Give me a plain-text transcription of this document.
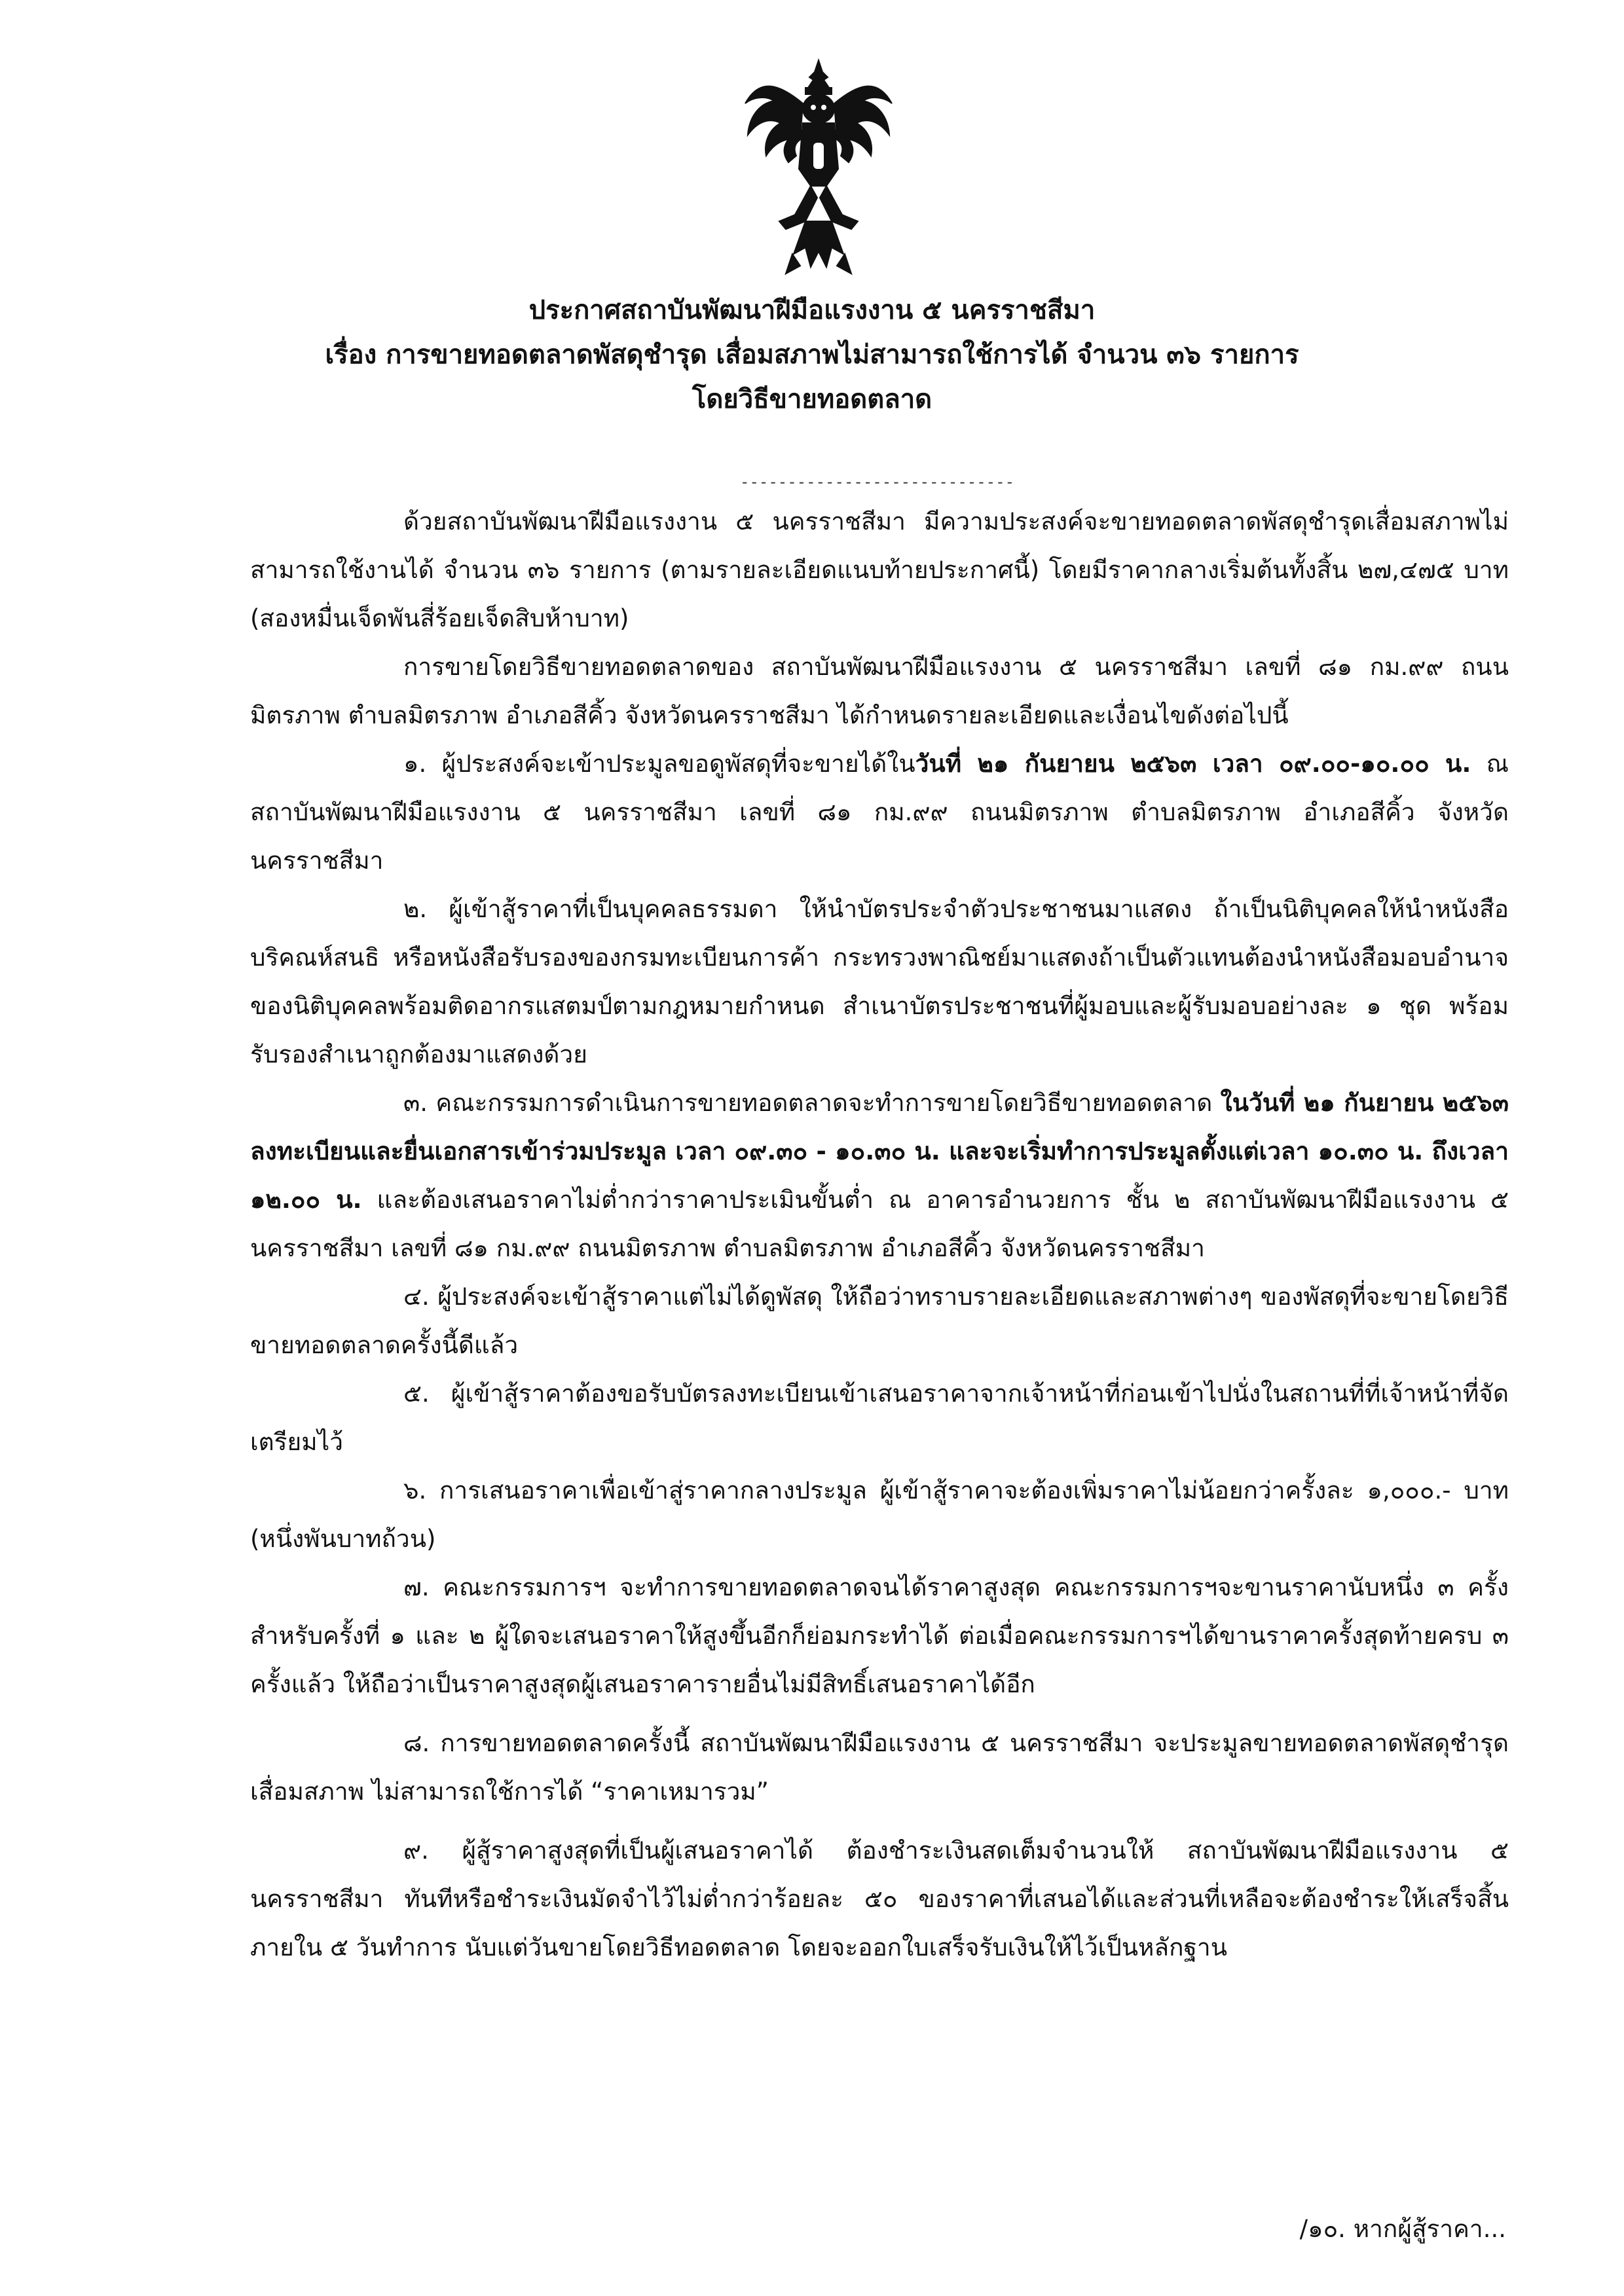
ประกาศสถาบันพัฒนาฝีมือแรงงาน ๕ นครราชสีมา
เรื่อง การขายทอดตลาดพัสดุชำรุด เสื่อมสภาพไม่สามารถใช้การได้ จำนวน ๓๖ รายการ
โดยวิธีขายทอดตลาด
-----------------------------

ด้วยสถาบันพัฒนาฝีมือแรงงาน ๕ นครราชสีมา มีความประสงค์จะขายทอดตลาดพัสดุชำรุดเสื่อมสภาพไม่สามารถใช้งานได้ จำนวน ๓๖ รายการ (ตามรายละเอียดแนบท้ายประกาศนี้) โดยมีราคากลางเริ่มต้นทั้งสิ้น ๒๗,๔๗๕ บาท (สองหมื่นเจ็ดพันสี่ร้อยเจ็ดสิบห้าบาท)

การขายโดยวิธีขายทอดตลาดของ สถาบันพัฒนาฝีมือแรงงาน ๕ นครราชสีมา เลขที่ ๘๑ กม.๙๙ ถนนมิตรภาพ ตำบลมิตรภาพ อำเภอสีคิ้ว จังหวัดนครราชสีมา ได้กำหนดรายละเอียดและเงื่อนไขดังต่อไปนี้

๑. ผู้ประสงค์จะเข้าประมูลขอดูพัสดุที่จะขายได้ในวันที่ ๒๑ กันยายน ๒๕๖๓ เวลา ๐๙.๐๐-๑๐.๐๐ น. ณ สถาบันพัฒนาฝีมือแรงงาน ๕ นครราชสีมา เลขที่ ๘๑ กม.๙๙ ถนนมิตรภาพ ตำบลมิตรภาพ อำเภอสีคิ้ว จังหวัดนครราชสีมา

๒. ผู้เข้าสู้ราคาที่เป็นบุคคลธรรมดา ให้นำบัตรประจำตัวประชาชนมาแสดง ถ้าเป็นนิติบุคคลให้นำหนังสือบริคณห์สนธิ หรือหนังสือรับรองของกรมทะเบียนการค้า กระทรวงพาณิชย์มาแสดงถ้าเป็นตัวแทนต้องนำหนังสือมอบอำนาจของนิติบุคคลพร้อมติดอากรแสตมป์ตามกฎหมายกำหนด สำเนาบัตรประชาชนที่ผู้มอบและผู้รับมอบอย่างละ ๑ ชุด พร้อมรับรองสำเนาถูกต้องมาแสดงด้วย

๓. คณะกรรมการดำเนินการขายทอดตลาดจะทำการขายโดยวิธีขายทอดตลาด ในวันที่ ๒๑ กันยายน ๒๕๖๓ ลงทะเบียนและยื่นเอกสารเข้าร่วมประมูล เวลา ๐๙.๓๐ - ๑๐.๓๐ น. และจะเริ่มทำการประมูลตั้งแต่เวลา ๑๐.๓๐ น. ถึงเวลา ๑๒.๐๐ น. และต้องเสนอราคาไม่ต่ำกว่าราคาประเมินขั้นต่ำ ณ อาคารอำนวยการ ชั้น ๒ สถาบันพัฒนาฝีมือแรงงาน ๕ นครราชสีมา เลขที่ ๘๑ กม.๙๙ ถนนมิตรภาพ ตำบลมิตรภาพ อำเภอสีคิ้ว จังหวัดนครราชสีมา

๔. ผู้ประสงค์จะเข้าสู้ราคาแต่ไม่ได้ดูพัสดุ ให้ถือว่าทราบรายละเอียดและสภาพต่างๆ ของพัสดุที่จะขายโดยวิธีขายทอดตลาดครั้งนี้ดีแล้ว

๕. ผู้เข้าสู้ราคาต้องขอรับบัตรลงทะเบียนเข้าเสนอราคาจากเจ้าหน้าที่ก่อนเข้าไปนั่งในสถานที่ที่เจ้าหน้าที่จัดเตรียมไว้

๖. การเสนอราคาเพื่อเข้าสู่ราคากลางประมูล ผู้เข้าสู้ราคาจะต้องเพิ่มราคาไม่น้อยกว่าครั้งละ ๑,๐๐๐.- บาท (หนึ่งพันบาทถ้วน)

๗. คณะกรรมการฯ จะทำการขายทอดตลาดจนได้ราคาสูงสุด คณะกรรมการฯจะขานราคานับหนึ่ง ๓ ครั้ง สำหรับครั้งที่ ๑ และ ๒ ผู้ใดจะเสนอราคาให้สูงขึ้นอีกก็ย่อมกระทำได้ ต่อเมื่อคณะกรรมการฯได้ขานราคาครั้งสุดท้ายครบ ๓ ครั้งแล้ว ให้ถือว่าเป็นราคาสูงสุดผู้เสนอราคารายอื่นไม่มีสิทธิ์เสนอราคาได้อีก

๘. การขายทอดตลาดครั้งนี้ สถาบันพัฒนาฝีมือแรงงาน ๕ นครราชสีมา จะประมูลขายทอดตลาดพัสดุชำรุด เสื่อมสภาพ ไม่สามารถใช้การได้ “ราคาเหมารวม”

๙. ผู้สู้ราคาสูงสุดที่เป็นผู้เสนอราคาได้ ต้องชำระเงินสดเต็มจำนวนให้ สถาบันพัฒนาฝีมือแรงงาน ๕ นครราชสีมา ทันทีหรือชำระเงินมัดจำไว้ไม่ต่ำกว่าร้อยละ ๕๐ ของราคาที่เสนอได้และส่วนที่เหลือจะต้องชำระให้เสร็จสิ้นภายใน ๕ วันทำการ นับแต่วันขายโดยวิธีทอดตลาด โดยจะออกใบเสร็จรับเงินให้ไว้เป็นหลักฐาน

/๑๐. หากผู้สู้ราคา...
